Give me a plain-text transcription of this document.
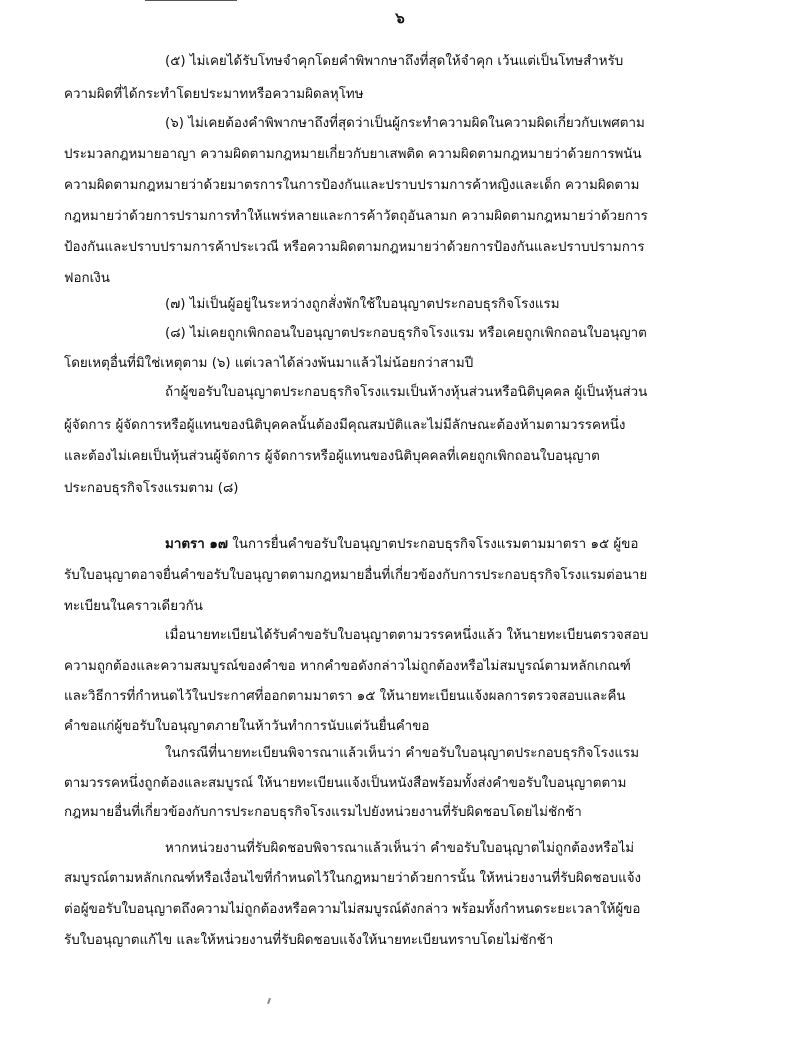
๖
(๕) ไม่เคยได้รับโทษจำคุกโดยคำพิพากษาถึงที่สุดให้จำคุก เว้นแต่เป็นโทษสำหรับ
ความผิดที่ได้กระทำโดยประมาทหรือความผิดลหุโทษ
(๖) ไม่เคยต้องคำพิพากษาถึงที่สุดว่าเป็นผู้กระทำความผิดในความผิดเกี่ยวกับเพศตาม
ประมวลกฎหมายอาญา ความผิดตามกฎหมายเกี่ยวกับยาเสพติด ความผิดตามกฎหมายว่าด้วยการพนัน
ความผิดตามกฎหมายว่าด้วยมาตรการในการป้องกันและปราบปรามการค้าหญิงและเด็ก ความผิดตาม
กฎหมายว่าด้วยการปรามการทำให้แพร่หลายและการค้าวัตถุอันลามก ความผิดตามกฎหมายว่าด้วยการ
ป้องกันและปราบปรามการค้าประเวณี หรือความผิดตามกฎหมายว่าด้วยการป้องกันและปราบปรามการ
ฟอกเงิน
(๗) ไม่เป็นผู้อยู่ในระหว่างถูกสั่งพักใช้ใบอนุญาตประกอบธุรกิจโรงแรม
(๘) ไม่เคยถูกเพิกถอนใบอนุญาตประกอบธุรกิจโรงแรม หรือเคยถูกเพิกถอนใบอนุญาต
โดยเหตุอื่นที่มิใช่เหตุตาม (๖) แต่เวลาได้ล่วงพ้นมาแล้วไม่น้อยกว่าสามปี
ถ้าผู้ขอรับใบอนุญาตประกอบธุรกิจโรงแรมเป็นห้างหุ้นส่วนหรือนิติบุคคล ผู้เป็นหุ้นส่วน
ผู้จัดการ ผู้จัดการหรือผู้แทนของนิติบุคคลนั้นต้องมีคุณสมบัติและไม่มีลักษณะต้องห้ามตามวรรคหนึ่ง
และต้องไม่เคยเป็นหุ้นส่วนผู้จัดการ ผู้จัดการหรือผู้แทนของนิติบุคคลที่เคยถูกเพิกถอนใบอนุญาต
ประกอบธุรกิจโรงแรมตาม (๘)
มาตรา ๑๗ ในการยื่นคำขอรับใบอนุญาตประกอบธุรกิจโรงแรมตามมาตรา ๑๕ ผู้ขอ
รับใบอนุญาตอาจยื่นคำขอรับใบอนุญาตตามกฎหมายอื่นที่เกี่ยวข้องกับการประกอบธุรกิจโรงแรมต่อนาย
ทะเบียนในคราวเดียวกัน
เมื่อนายทะเบียนได้รับคำขอรับใบอนุญาตตามวรรคหนึ่งแล้ว ให้นายทะเบียนตรวจสอบ
ความถูกต้องและความสมบูรณ์ของคำขอ หากคำขอดังกล่าวไม่ถูกต้องหรือไม่สมบูรณ์ตามหลักเกณฑ์
และวิธีการที่กำหนดไว้ในประกาศที่ออกตามมาตรา ๑๕ ให้นายทะเบียนแจ้งผลการตรวจสอบและคืน
คำขอแก่ผู้ขอรับใบอนุญาตภายในห้าวันทำการนับแต่วันยื่นคำขอ
ในกรณีที่นายทะเบียนพิจารณาแล้วเห็นว่า คำขอรับใบอนุญาตประกอบธุรกิจโรงแรม
ตามวรรคหนึ่งถูกต้องและสมบูรณ์ ให้นายทะเบียนแจ้งเป็นหนังสือพร้อมทั้งส่งคำขอรับใบอนุญาตตาม
กฎหมายอื่นที่เกี่ยวข้องกับการประกอบธุรกิจโรงแรมไปยังหน่วยงานที่รับผิดชอบโดยไม่ชักช้า
หากหน่วยงานที่รับผิดชอบพิจารณาแล้วเห็นว่า คำขอรับใบอนุญาตไม่ถูกต้องหรือไม่
สมบูรณ์ตามหลักเกณฑ์หรือเงื่อนไขที่กำหนดไว้ในกฎหมายว่าด้วยการนั้น ให้หน่วยงานที่รับผิดชอบแจ้ง
ต่อผู้ขอรับใบอนุญาตถึงความไม่ถูกต้องหรือความไม่สมบูรณ์ดังกล่าว พร้อมทั้งกำหนดระยะเวลาให้ผู้ขอ
รับใบอนุญาตแก้ไข และให้หน่วยงานที่รับผิดชอบแจ้งให้นายทะเบียนทราบโดยไม่ชักช้า
